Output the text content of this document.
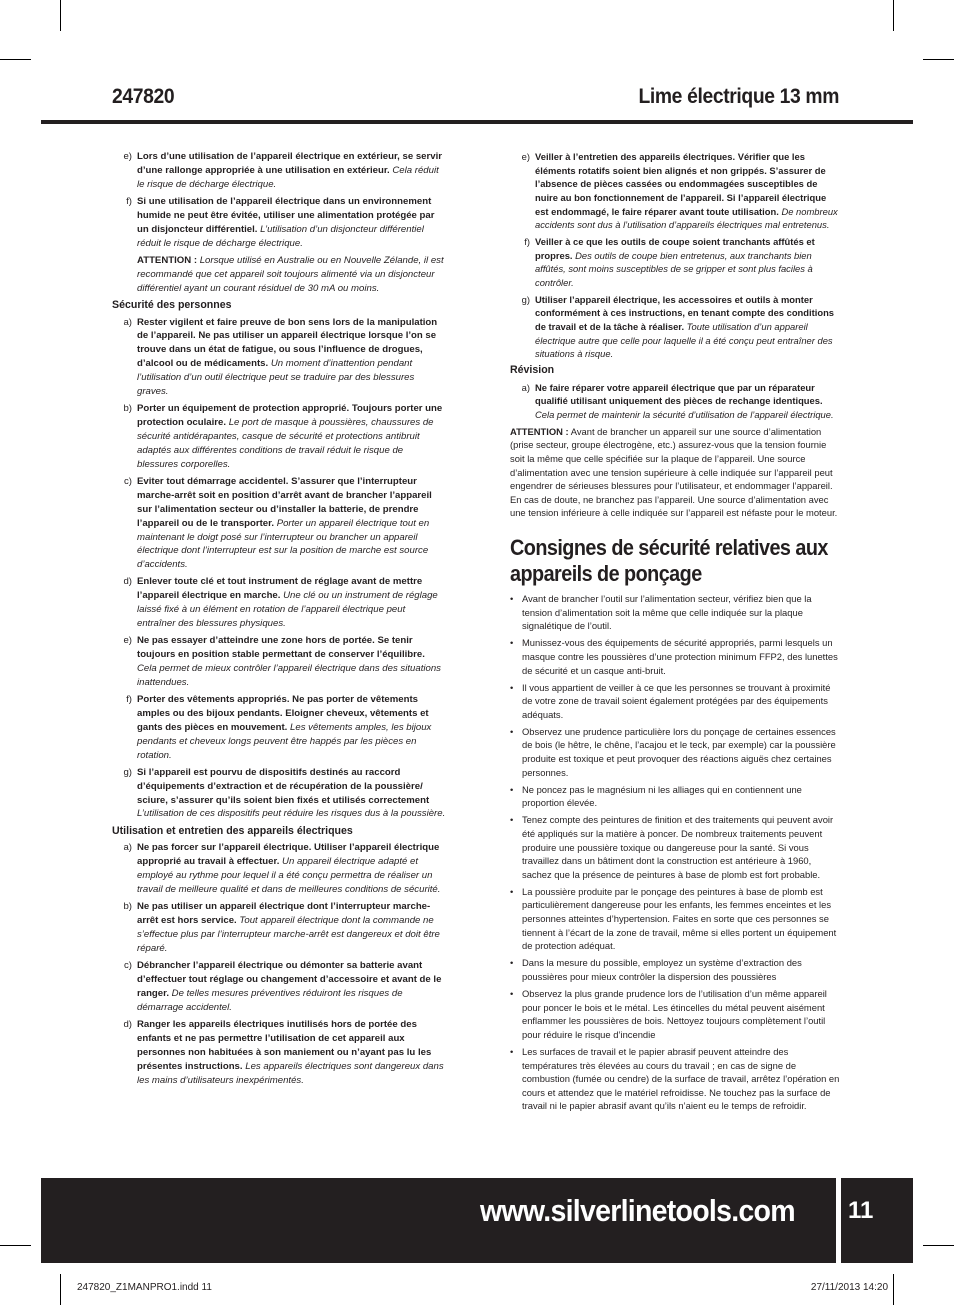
247820	Lime électrique 13 mm
e) Lors d’une utilisation de l’appareil électrique en extérieur, se servir d’une rallonge appropriée à une utilisation en extérieur. Cela réduit le risque de décharge électrique.
f) Si une utilisation de l’appareil électrique dans un environnement humide ne peut être évitée, utiliser une alimentation protégée par un disjoncteur différentiel. L’utilisation d’un disjoncteur différentiel réduit le risque de décharge électrique.
ATTENTION : Lorsque utilisé en Australie ou en Nouvelle Zélande, il est recommandé que cet appareil soit toujours alimenté via un disjoncteur différentiel ayant un courant résiduel de 30 mA ou moins.
Sécurité des personnes
a) Rester vigilent et faire preuve de bon sens lors de la manipulation de l’appareil. Ne pas utiliser un appareil électrique lorsque l’on se trouve dans un état de fatigue, ou sous l’influence de drogues, d’alcool ou de médicaments. Un moment d’inattention pendant l’utilisation d’un outil électrique peut se traduire par des blessures graves.
b) Porter un équipement de protection approprié. Toujours porter une protection oculaire. Le port de masque à poussières, chaussures de sécurité antidérapantes, casque de sécurité et protections antibruit adaptés aux différentes conditions de travail réduit le risque de blessures corporelles.
c) Eviter tout démarrage accidentel. S’assurer que l’interrupteur marche-arrêt soit en position d’arrêt avant de brancher l’appareil sur l’alimentation secteur ou d’installer la batterie, de prendre l’appareil ou de le transporter. Porter un appareil électrique tout en maintenant le doigt posé sur l’interrupteur ou brancher un appareil électrique dont l’interrupteur est sur la position de marche est source d’accidents.
d) Enlever toute clé et tout instrument de réglage avant de mettre l’appareil électrique en marche. Une clé ou un instrument de réglage laissé fixé à un élément en rotation de l’appareil électrique peut entraîner des blessures physiques.
e) Ne pas essayer d’atteindre une zone hors de portée. Se tenir toujours en position stable permettant de conserver l’équilibre. Cela permet de mieux contrôler l’appareil électrique dans des situations inattendues.
f) Porter des vêtements appropriés. Ne pas porter de vêtements amples ou des bijoux pendants. Eloigner cheveux, vêtements et gants des pièces en mouvement. Les vêtements amples, les bijoux pendants et cheveux longs peuvent être happés par les pièces en rotation.
g) Si l’appareil est pourvu de dispositifs destinés au raccord d’équipements d’extraction et de récupération de la poussière/ sciure, s’assurer qu’ils soient bien fixés et utilisés correctement L’utilisation de ces dispositifs peut réduire les risques dus à la poussière.
Utilisation et entretien des appareils électriques
a) Ne pas forcer sur l’appareil électrique. Utiliser l’appareil électrique approprié au travail à effectuer. Un appareil électrique adapté et employé au rythme pour lequel il a été conçu permettra de réaliser un travail de meilleure qualité et dans de meilleures conditions de sécurité.
b) Ne pas utiliser un appareil électrique dont l’interrupteur marche-arrêt est hors service. Tout appareil électrique dont la commande ne s’effectue plus par l’interrupteur marche-arrêt est dangereux et doit être réparé.
c) Débrancher l’appareil électrique ou démonter sa batterie avant d’effectuer tout réglage ou changement d’accessoire et avant de le ranger. De telles mesures préventives réduiront les risques de démarrage accidentel.
d) Ranger les appareils électriques inutilisés hors de portée des enfants et ne pas permettre l’utilisation de cet appareil aux personnes non habituées à son maniement ou n’ayant pas lu les présentes instructions. Les appareils électriques sont dangereux dans les mains d’utilisateurs inexpérimentés.
e) Veiller à l’entretien des appareils électriques. Vérifier que les éléments rotatifs soient bien alignés et non grippés. S’assurer de l’absence de pièces cassées ou endommagées susceptibles de nuire au bon fonctionnement de l’appareil. Si l’appareil électrique est endommagé, le faire réparer avant toute utilisation. De nombreux accidents sont dus à l’utilisation d’appareils électriques mal entretenus.
f) Veiller à ce que les outils de coupe soient tranchants affûtés et propres. Des outils de coupe bien entretenus, aux tranchants bien affûtés, sont moins susceptibles de se gripper et sont plus faciles à contrôler.
g) Utiliser l’appareil électrique, les accessoires et outils à monter conformément à ces instructions, en tenant compte des conditions de travail et de la tâche à réaliser. Toute utilisation d’un appareil électrique autre que celle pour laquelle il a été conçu peut entraîner des situations à risque.
Révision
a) Ne faire réparer votre appareil électrique que par un réparateur qualifié utilisant uniquement des pièces de rechange identiques. Cela permet de maintenir la sécurité d’utilisation de l’appareil électrique.
ATTENTION : Avant de brancher un appareil sur une source d’alimentation (prise secteur, groupe électrogène, etc.) assurez-vous que la tension fournie soit la même que celle spécifiée sur la plaque de l’appareil. Une source d’alimentation avec une tension supérieure à celle indiquée sur l’appareil peut engendrer de sérieuses blessures pour l’utilisateur, et endommager l’appareil. En cas de doute, ne branchez pas l’appareil. Une source d’alimentation avec une tension inférieure à celle indiquée sur l’appareil est néfaste pour le moteur.
Consignes de sécurité relatives aux appareils de ponçage
• Avant de brancher l’outil sur l’alimentation secteur, vérifiez bien que la tension d’alimentation soit la même que celle indiquée sur la plaque signalétique de l’outil.
• Munissez-vous des équipements de sécurité appropriés, parmi lesquels un masque contre les poussières d’une protection minimum FFP2, des lunettes de sécurité et un casque anti-bruit.
• Il vous appartient de veiller à ce que les personnes se trouvant à proximité de votre zone de travail soient également protégées par des équipements adéquats.
• Observez une prudence particulière lors du ponçage de certaines essences de bois (le hêtre, le chêne, l’acajou et le teck, par exemple) car la poussière produite est toxique et peut provoquer des réactions aiguës chez certaines personnes.
• Ne poncez pas le magnésium ni les alliages qui en contiennent une proportion élevée.
• Tenez compte des peintures de finition et des traitements qui peuvent avoir été appliqués sur la matière à poncer. De nombreux traitements peuvent produire une poussière toxique ou dangereuse pour la santé. Si vous travaillez dans un bâtiment dont la construction est antérieure à 1960, sachez que la présence de peintures à base de plomb est fort probable.
• La poussière produite par le ponçage des peintures à base de plomb est particulièrement dangereuse pour les enfants, les femmes enceintes et les personnes atteintes d’hypertension. Faites en sorte que ces personnes se tiennent à l’écart de la zone de travail, même si elles portent un équipement de protection adéquat.
• Dans la mesure du possible, employez un système d’extraction des poussières pour mieux contrôler la dispersion des poussières
• Observez la plus grande prudence lors de l’utilisation d’un même appareil pour poncer le bois et le métal. Les étincelles du métal peuvent aisément enflammer les poussières de bois. Nettoyez toujours complètement l’outil pour réduire le risque d’incendie
• Les surfaces de travail et le papier abrasif peuvent atteindre des températures très élevées au cours du travail ; en cas de signe de combustion (fumée ou cendre) de la surface de travail, arrêtez l’opération en cours et attendez que le matériel refroidisse. Ne touchez pas la surface de travail ni le papier abrasif avant qu’ils n’aient eu le temps de refroidir.
www.silverlinetools.com 11
247820_Z1MANPRO1.indd 11	27/11/2013 14:20
